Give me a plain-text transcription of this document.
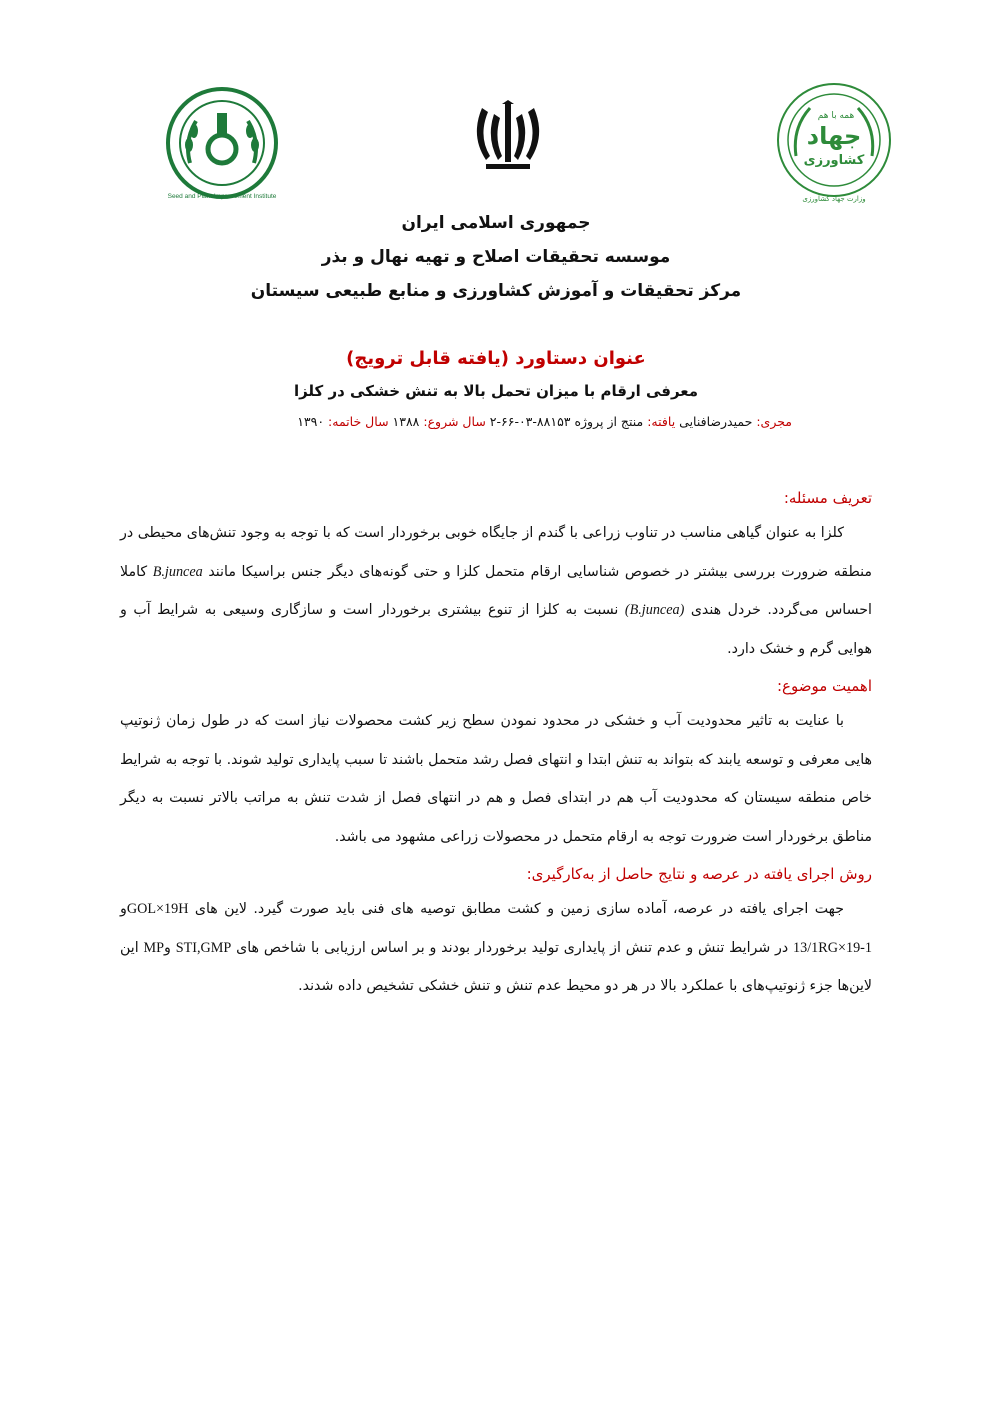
Seed and Plant Improvement Institute
همه با هم
جهاد
کشاورزی
وزارت جهاد کشاورزی
جمهوری اسلامی ایران
موسسه تحقیقات اصلاح و تهیه نهال و بذر
مرکز تحقیقات و آموزش کشاورزی و منابع طبیعی سیستان
عنوان دستاورد (یافته قابل ترویج)
معرفی ارقام با میزان تحمل بالا به تنش خشکی در کلزا
مجری: حمیدرضافنایی یافته: منتج از پروژه ۸۸۱۵۳-۰۳-۶۶-۲ سال شروع: ۱۳۸۸ سال خاتمه: ۱۳۹۰
تعریف مسئله:
کلزا به عنوان گیاهی مناسب در تناوب زراعی با گندم از جایگاه خوبی برخوردار است که با توجه به وجود تنش‌های محیطی در منطقه ضرورت بررسی بیشتر در خصوص شناسایی ارقام متحمل کلزا و حتی گونه‌های دیگر جنس براسیکا مانند B.juncea کاملا احساس می‌گردد. خردل هندی (B.juncea) نسبت به کلزا از تنوع بیشتری برخوردار است و سازگاری وسیعی به شرایط آب و هوایی گرم و خشک دارد.
اهمیت موضوع:
با عنایت به تاثیر محدودیت آب و خشکی در محدود نمودن سطح زیر کشت محصولات نیاز است که در طول زمان ژنوتیپ هایی معرفی و توسعه یابند که بتواند به تنش ابتدا و انتهای فصل رشد متحمل باشند تا سبب پایداری تولید شوند. با توجه به شرایط خاص منطقه سیستان که محدودیت آب هم در ابتدای فصل و هم در انتهای فصل از شدت تنش به مراتب بالاتر نسبت به دیگر مناطق برخوردار است ضرورت توجه به ارقام متحمل در محصولات زراعی مشهود می باشد.
روش اجرای یافته در عرصه و نتایج حاصل از به‌کارگیری:
جهت اجرای یافته در عرصه، آماده سازی زمین و کشت مطابق توصیه های فنی باید صورت گیرد. لاین های GOL×19Hو 13/1RG×19-1 در شرایط تنش و عدم تنش از پایداری تولید برخوردار بودند و بر اساس ارزیابی با شاخص های STI,GMP وMP این لاین‌ها جزء ژنوتیپ‌های با عملکرد بالا در هر دو محیط عدم تنش و تنش خشکی تشخیص داده شدند.
